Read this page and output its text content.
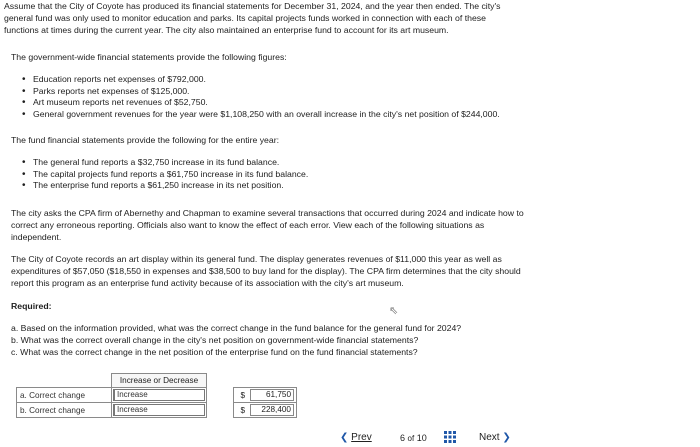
Assume that the City of Coyote has produced its financial statements for December 31, 2024, and the year then ended. The city's

general fund was only used to monitor education and parks. Its capital projects funds worked in connection with each of these

functions at times during the current year. The city also maintained an enterprise fund to account for its art museum.

The government-wide financial statements provide the following figures:

• Education reports net expenses of $792,000.
• Parks reports net expenses of $125,000.
• Art museum reports net revenues of $52,750.
• General government revenues for the year were $1,108,250 with an overall increase in the city's net position of $244,000.

The fund financial statements provide the following for the entire year:

• The general fund reports a $32,750 increase in its fund balance.
• The capital projects fund reports a $61,750 increase in its fund balance.
• The enterprise fund reports a $61,250 increase in its net position.

The city asks the CPA firm of Abernethy and Chapman to examine several transactions that occurred during 2024 and indicate how to

correct any erroneous reporting. Officials also want to know the effect of each error. View each of the following situations as

independent.

The City of Coyote records an art display within its general fund. The display generates revenues of $11,000 this year as well as

expenditures of $57,050 ($18,550 in expenses and $38,500 to buy land for the display). The CPA firm determines that the city should

report this program as an enterprise fund activity because of its association with the city's art museum.

Required:	⇖

a. Based on the information provided, what was the correct change in the fund balance for the general fund for 2024?

b. What was the correct overall change in the city's net position on government-wide financial statements?

c. What was the correct change in the net position of the enterprise fund on the fund financial statements?

	Increase or Decrease			
a. Correct change	Increase		$	61,750

b. Correct change	Increase		$	228,400
❮ Prev	6 of 10	Next ❯
